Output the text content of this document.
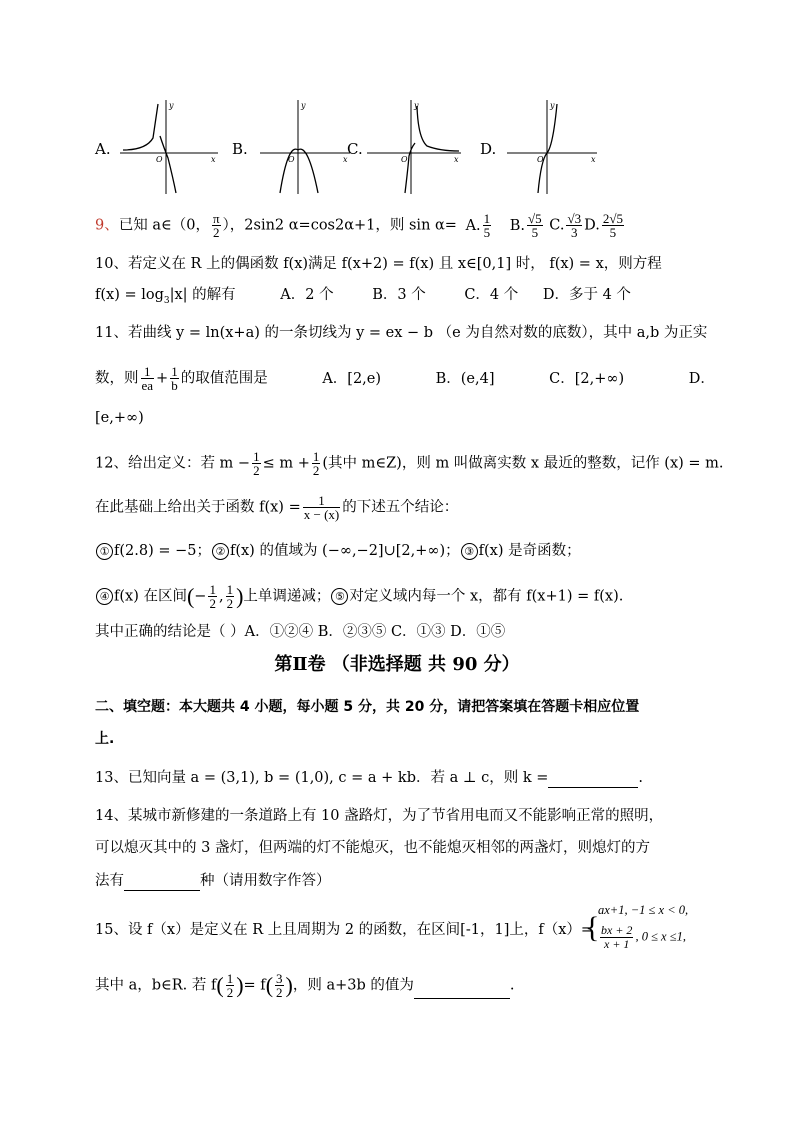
A.
x
y
O
B.
x
y
O
C.
x
y
O
D.
x
y
O
9、已知 a∈（0， $\frac{\pi}{2}$ ），2sin2 α=cos2α+1，则 sin α= A. $\frac{1}{5} B$. $\frac{√5}{5} C$. $\frac{√3}{3} D$. $\frac{2√5}{5}$
10、若定义在 R 上的偶函数 f(x)满足 f(x+2) = f(x) 且 x∈[0,1] 时， f(x) = x，则方程
$f(x) = \log_3|x|$ 的解有	A．2 个	B．3 个	C．4 个 D．多于 4 个
11、若曲线 y = ln(x+a) 的一条切线为 y = ex − b （e 为自然对数的底数），其中 a,b 为正实
数，则 $\frac{1}{ea} + \frac{1}{b}$ 的取值范围是	A．[2,e)	B．(e,4]	C．[2,+∞)	D．
[e,+∞)
12、给出定义：若 $m - \frac{1}{2} \le m + \frac{1}{2}$ (其中 m∈Z)，则 m 叫做离实数 x 最近的整数，记作 (x) = m.
在此基础上给出关于函数 $f(x) = \frac{1}{x - (x)}$ 的下述五个结论：
① f(2.8) = −5； ② f(x) 的值域为 (−∞,−2]∪[2,+∞)； ③ f(x) 是奇函数；
④ f(x) 在区间(− $\frac{1}{2}$ , $\frac{1}{2}$ )上单调递减； ⑤ 对定义域内每一个 x，都有 f(x+1) = f(x).
其中正确的结论是（ ）A．①②④ B．②③⑤ C．①③ D．①⑤
第Ⅱ卷 （非选择题 共 90 分）
二、填空题：本大题共 4 小题，每小题 5 分，共 20 分，请把答案填在答题卡相应位置
上.
13、已知向量 a = (3,1), b = (1,0), c = a + kb．若 a ⊥ c，则 k =	.
14、某城市新修建的一条道路上有 10 盏路灯，为了节省用电而又不能影响正常的照明，
可以熄灭其中的 3 盏灯，但两端的灯不能熄灭，也不能熄灭相邻的两盏灯，则熄灯的方
法有	种（请用数字作答）
15、设 f（x）是定义在 R 上且周期为 2 的函数，在区间[-1，1]上，f（x）=
{
ax+1, −1 ≤ x < 0,
$\frac{bx + 2}{x + 1}$ , 0 ≤ x ≤1,
其中 a，b∈R. 若 $f( \frac{1}{2}$ )= $f( \frac{3}{2}$ )，则 a+3b 的值为	.
